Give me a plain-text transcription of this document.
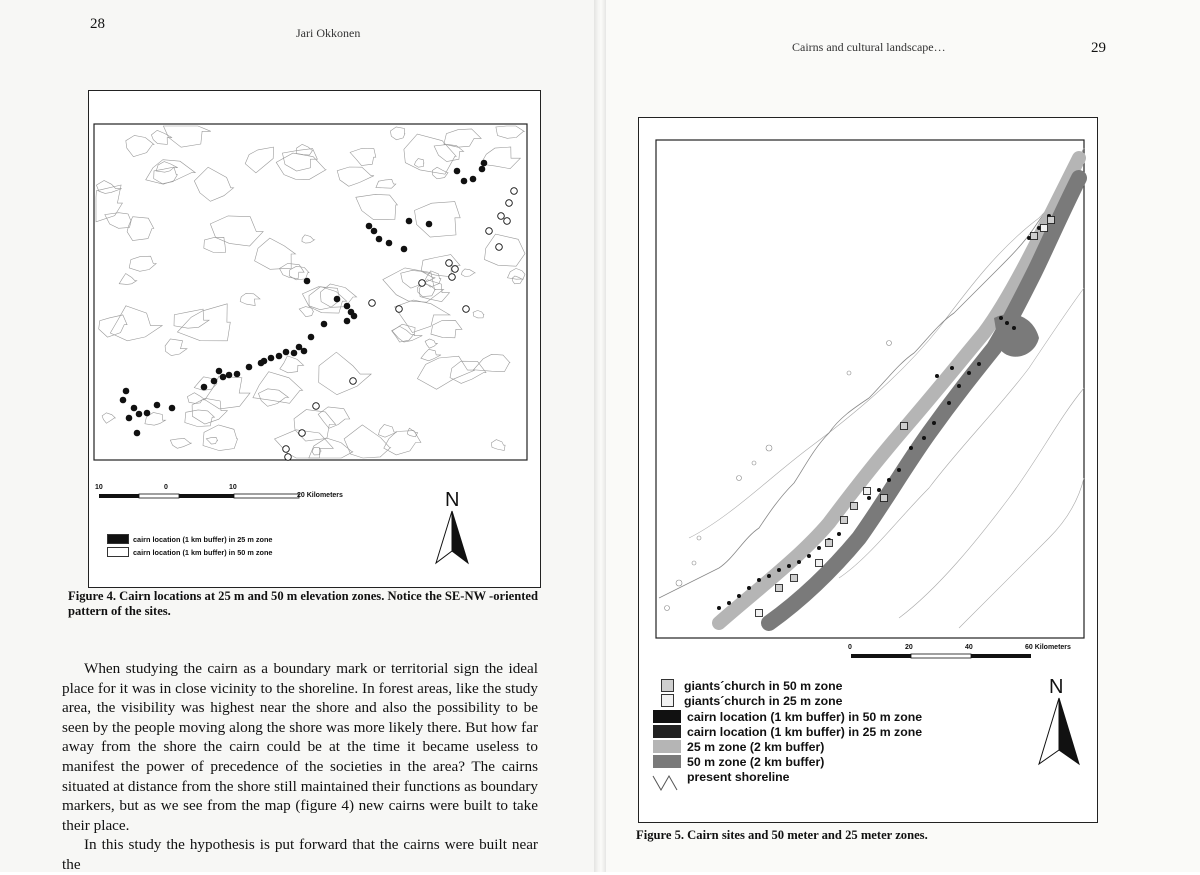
28
Jari Okkonen
10	0	10
20 Kilometers
cairn location (1 km buffer) in 25 m zone
cairn location (1 km buffer) in 50 m zone
N
Figure 4. Cairn locations at 25 m and 50 m elevation zones. Notice the SE-NW -oriented pattern of the sites.

When studying the cairn as a boundary mark or territorial sign the ideal place for it was in close vicinity to the shoreline. In forest areas, like the study area, the visibility was highest near the shore and also the possibility to be seen by the people moving along the shore was more likely there. But how far away from the shore the cairn could be at the time it became useless to manifest the power of precedence of the societies in the area? The cairns situated at distance from the shore still maintained their functions as boundary markers, but as we see from the map (figure 4) new cairns were built to take their place.

In this study the hypothesis is put forward that the cairns were built near the

Cairns and cultural landscape…	29
0	20	40	60 Kilometers
giants´church in 50 m zone
giants´church in 25 m zone
cairn location (1 km buffer) in 50 m zone
cairn location (1 km buffer) in 25 m zone
25 m zone (2 km buffer)
50 m zone (2 km buffer)
present shoreline
N
Figure 5. Cairn sites and 50 meter and 25 meter zones.
